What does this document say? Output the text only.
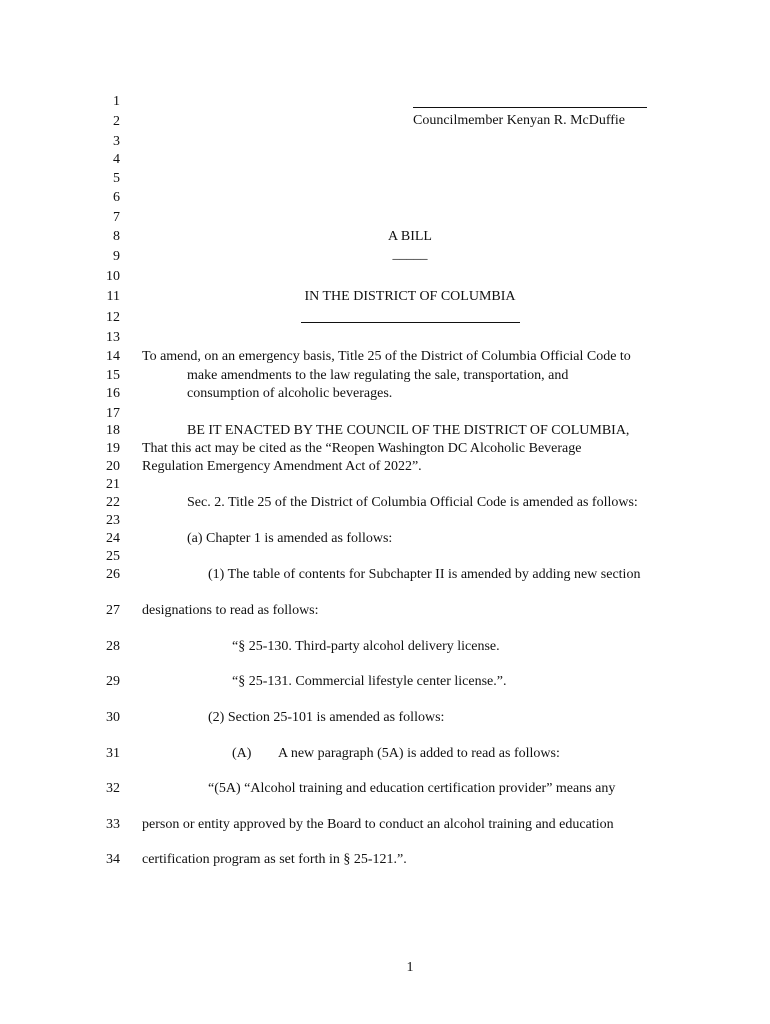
1
2
3
4
5
6
7
8
9
10
11
12
13
14
15
16
17
18
19
20
21
22
23
24
25
26
27
28
29
30
31
32
33
34
Councilmember Kenyan R. McDuffie
A BILL
_____
IN THE DISTRICT OF COLUMBIA
To amend, on an emergency basis, Title 25 of the District of Columbia Official Code to
make amendments to the law regulating the sale, transportation, and
consumption of alcoholic beverages.
BE IT ENACTED BY THE COUNCIL OF THE DISTRICT OF COLUMBIA,
That this act may be cited as the “Reopen Washington DC Alcoholic Beverage
Regulation Emergency Amendment Act of 2022”.
Sec. 2. Title 25 of the District of Columbia Official Code is amended as follows:
(a) Chapter 1 is amended as follows:
(1) The table of contents for Subchapter II is amended by adding new section
designations to read as follows:
“§ 25-130. Third-party alcohol delivery license.
“§ 25-131. Commercial lifestyle center license.”.
(2) Section 25-101 is amended as follows:
(A) A new paragraph (5A) is added to read as follows:
“(5A) “Alcohol training and education certification provider” means any
person or entity approved by the Board to conduct an alcohol training and education
certification program as set forth in § 25-121.”.
1
